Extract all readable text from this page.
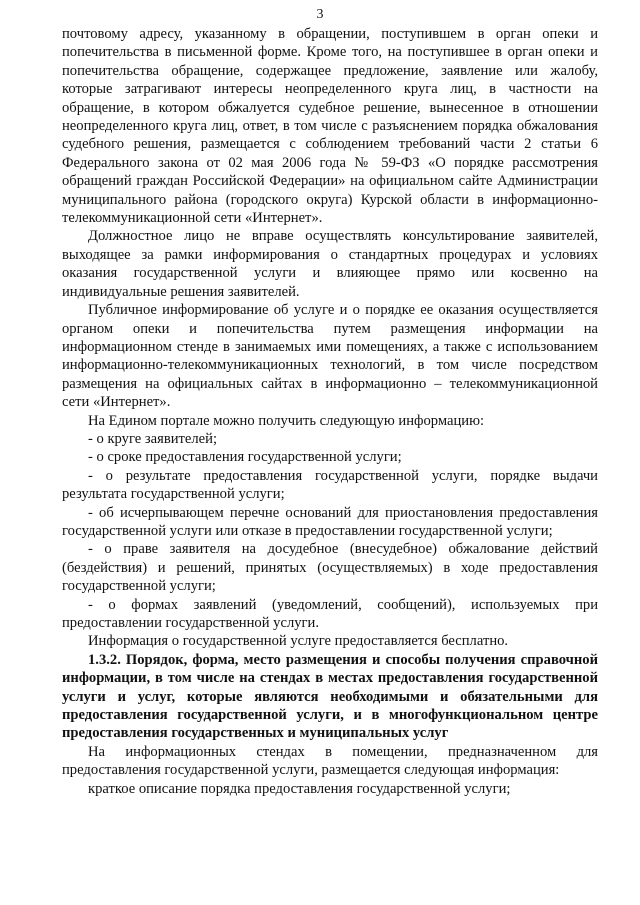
3

почтовому адресу, указанному в обращении, поступившем в орган опеки и попечительства в письменной форме. Кроме того, на поступившее в орган опеки и попечительства обращение, содержащее предложение, заявление или жалобу, которые затрагивают интересы неопределенного круга лиц, в частности на обращение, в котором обжалуется судебное решение, вынесенное в отношении неопределенного круга лиц, ответ, в том числе с разъяснением порядка обжалования судебного решения, размещается с соблюдением требований части 2 статьи 6 Федерального закона от 02 мая 2006 года № 59-ФЗ «О порядке рассмотрения обращений граждан Российской Федерации» на официальном сайте Администрации муниципального района (городского округа) Курской области в информационно-телекоммуникационной сети «Интернет».

Должностное лицо не вправе осуществлять консультирование заявителей, выходящее за рамки информирования о стандартных процедурах и условиях оказания государственной услуги и влияющее прямо или косвенно на индивидуальные решения заявителей.

Публичное информирование об услуге и о порядке ее оказания осуществляется органом опеки и попечительства путем размещения информации на информационном стенде в занимаемых ими помещениях, а также с использованием информационно-телекоммуникационных технологий, в том числе посредством размещения на официальных сайтах в информационно – телекоммуникационной сети «Интернет».

На Едином портале можно получить следующую информацию:

- о круге заявителей;

- о сроке предоставления государственной услуги;

- о результате предоставления государственной услуги, порядке выдачи результата государственной услуги;

- об исчерпывающем перечне оснований для приостановления предоставления государственной услуги или отказе в предоставлении государственной услуги;

- о праве заявителя на досудебное (внесудебное) обжалование действий (бездействия) и решений, принятых (осуществляемых) в ходе предоставления государственной услуги;

- о формах заявлений (уведомлений, сообщений), используемых при предоставлении государственной услуги.

Информация о государственной услуге предоставляется бесплатно.

1.3.2. Порядок, форма, место размещения и способы получения справочной информации, в том числе на стендах в местах предоставления государственной услуги и услуг, которые являются необходимыми и обязательными для предоставления государственной услуги, и в многофункциональном центре предоставления государственных и муниципальных услуг

На информационных стендах в помещении, предназначенном для предоставления государственной услуги, размещается следующая информация:

краткое описание порядка предоставления государственной услуги;
